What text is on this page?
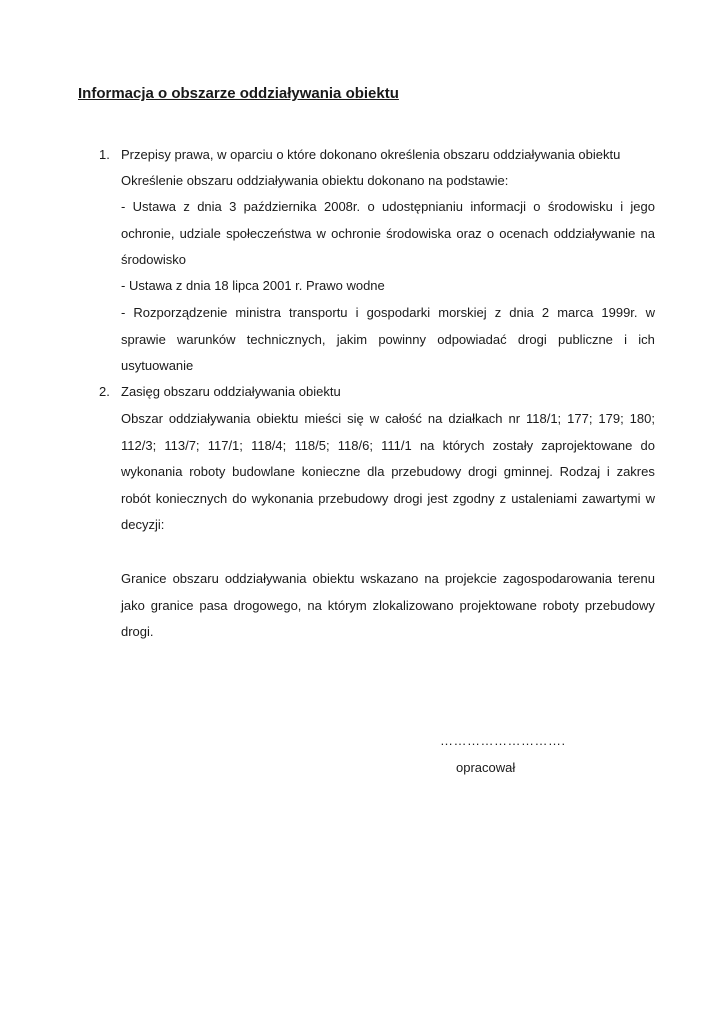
Informacja o obszarze oddziaływania obiektu
1. Przepisy prawa, w oparciu o które dokonano określenia obszaru oddziaływania obiektu
Określenie obszaru oddziaływania obiektu dokonano na podstawie:
- Ustawa z dnia 3 października 2008r. o udostępnianiu informacji o środowisku i jego
ochronie, udziale społeczeństwa w ochronie środowiska oraz o ocenach oddziaływanie na
środowisko
- Ustawa z dnia 18 lipca 2001 r. Prawo wodne
- Rozporządzenie ministra transportu i gospodarki morskiej z dnia 2 marca 1999r. w
sprawie warunków technicznych, jakim powinny odpowiadać drogi publiczne i ich
usytuowanie
2. Zasięg obszaru oddziaływania obiektu
Obszar oddziaływania obiektu mieści się w całość na działkach nr 118/1; 177; 179; 180;
112/3; 113/7; 117/1; 118/4; 118/5; 118/6; 111/1 na których zostały zaprojektowane do
wykonania roboty budowlane konieczne dla przebudowy drogi gminnej. Rodzaj i zakres
robót koniecznych do wykonania przebudowy drogi jest zgodny z ustaleniami zawartymi w
decyzji:
Granice obszaru oddziaływania obiektu wskazano na projekcie zagospodarowania terenu
jako granice pasa drogowego, na którym zlokalizowano projektowane roboty przebudowy
drogi.
……………………….
opracował
